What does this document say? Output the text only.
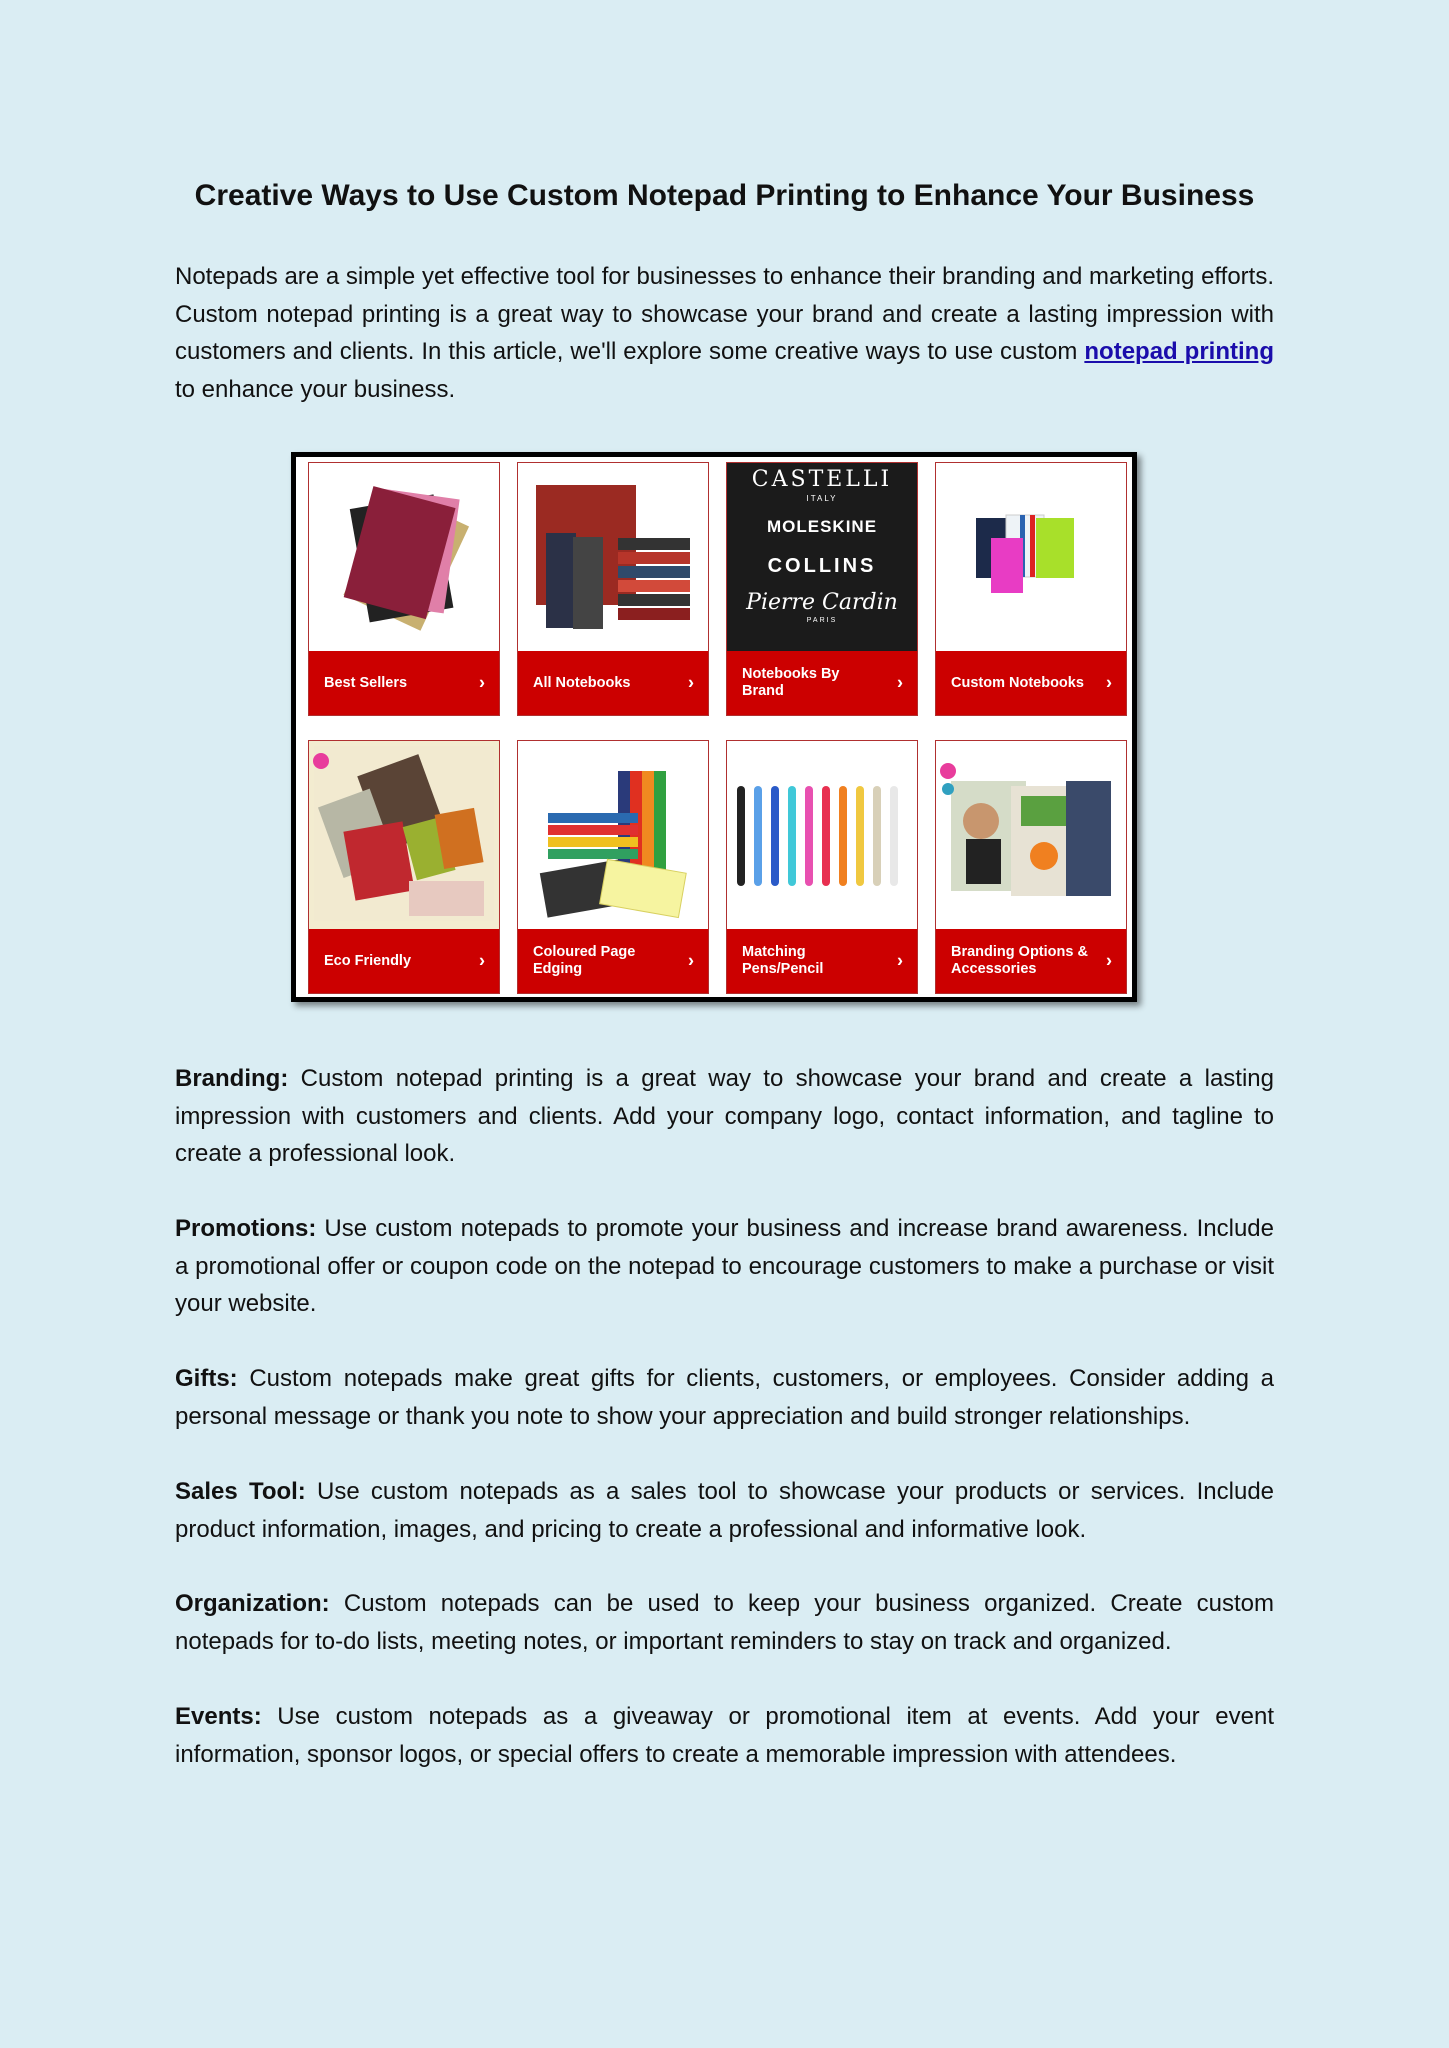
Creative Ways to Use Custom Notepad Printing to Enhance Your Business

Notepads are a simple yet effective tool for businesses to enhance their branding and marketing efforts. Custom notepad printing is a great way to showcase your brand and create a lasting impression with customers and clients. In this article, we'll explore some creative ways to use custom notepad printing to enhance your business.

Branding: Custom notepad printing is a great way to showcase your brand and create a lasting impression with customers and clients. Add your company logo, contact information, and tagline to create a professional look.

Promotions: Use custom notepads to promote your business and increase brand awareness. Include a promotional offer or coupon code on the notepad to encourage customers to make a purchase or visit your website.

Gifts: Custom notepads make great gifts for clients, customers, or employees. Consider adding a personal message or thank you note to show your appreciation and build stronger relationships.

Sales Tool: Use custom notepads as a sales tool to showcase your products or services. Include product information, images, and pricing to create a professional and informative look.

Organization: Custom notepads can be used to keep your business organized. Create custom notepads for to-do lists, meeting notes, or important reminders to stay on track and organized.

Events: Use custom notepads as a giveaway or promotional item at events. Add your event information, sponsor logos, or special offers to create a memorable impression with attendees.

Best Sellers	›	All Notebooks	›
CASTELLI
ITALY
MOLESKINE
COLLINS
Pierre Cardin
PARIS
Notebooks By Brand	›	Custom Notebooks ›
Eco Friendly	›	Coloured Page Edging	›	Matching Pens/Pencil	›	Branding Options & Accessories	›
